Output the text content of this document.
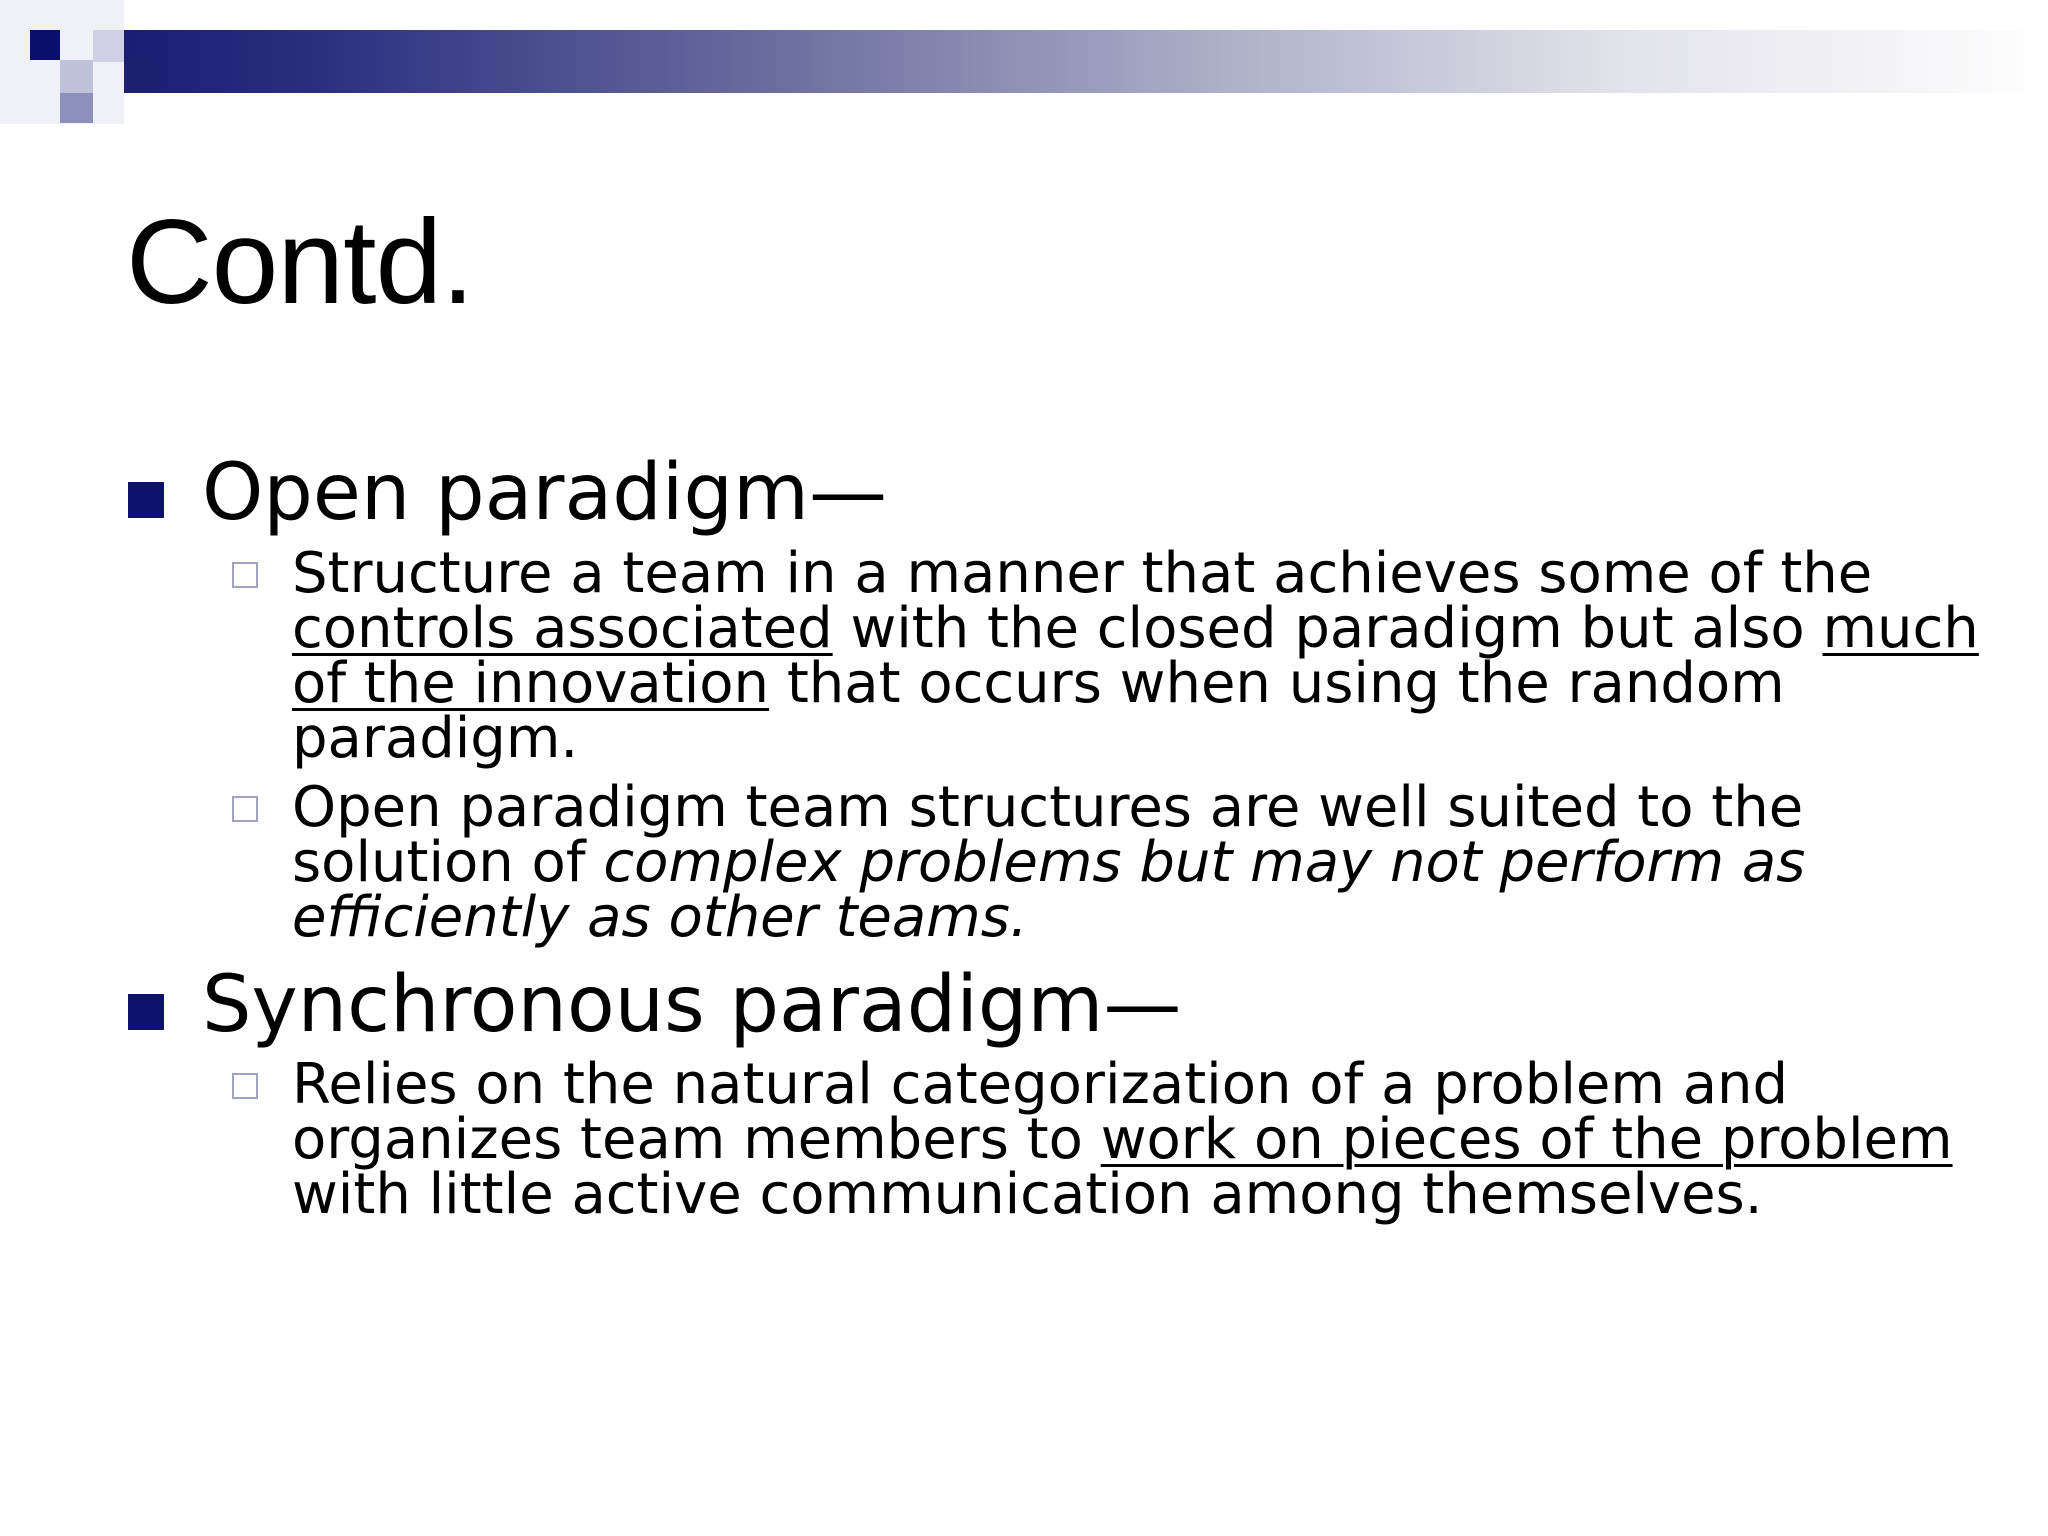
Contd.
Open paradigm—

Structure a team in a manner that achieves some of the controls associated with the closed paradigm but also much of the innovation that occurs when using the random paradigm.

Open paradigm team structures are well suited to the solution of complex problems but may not perform as efficiently as other teams.

Synchronous paradigm—

Relies on the natural categorization of a problem and organizes team members to work on pieces of the problem with little active communication among themselves.
